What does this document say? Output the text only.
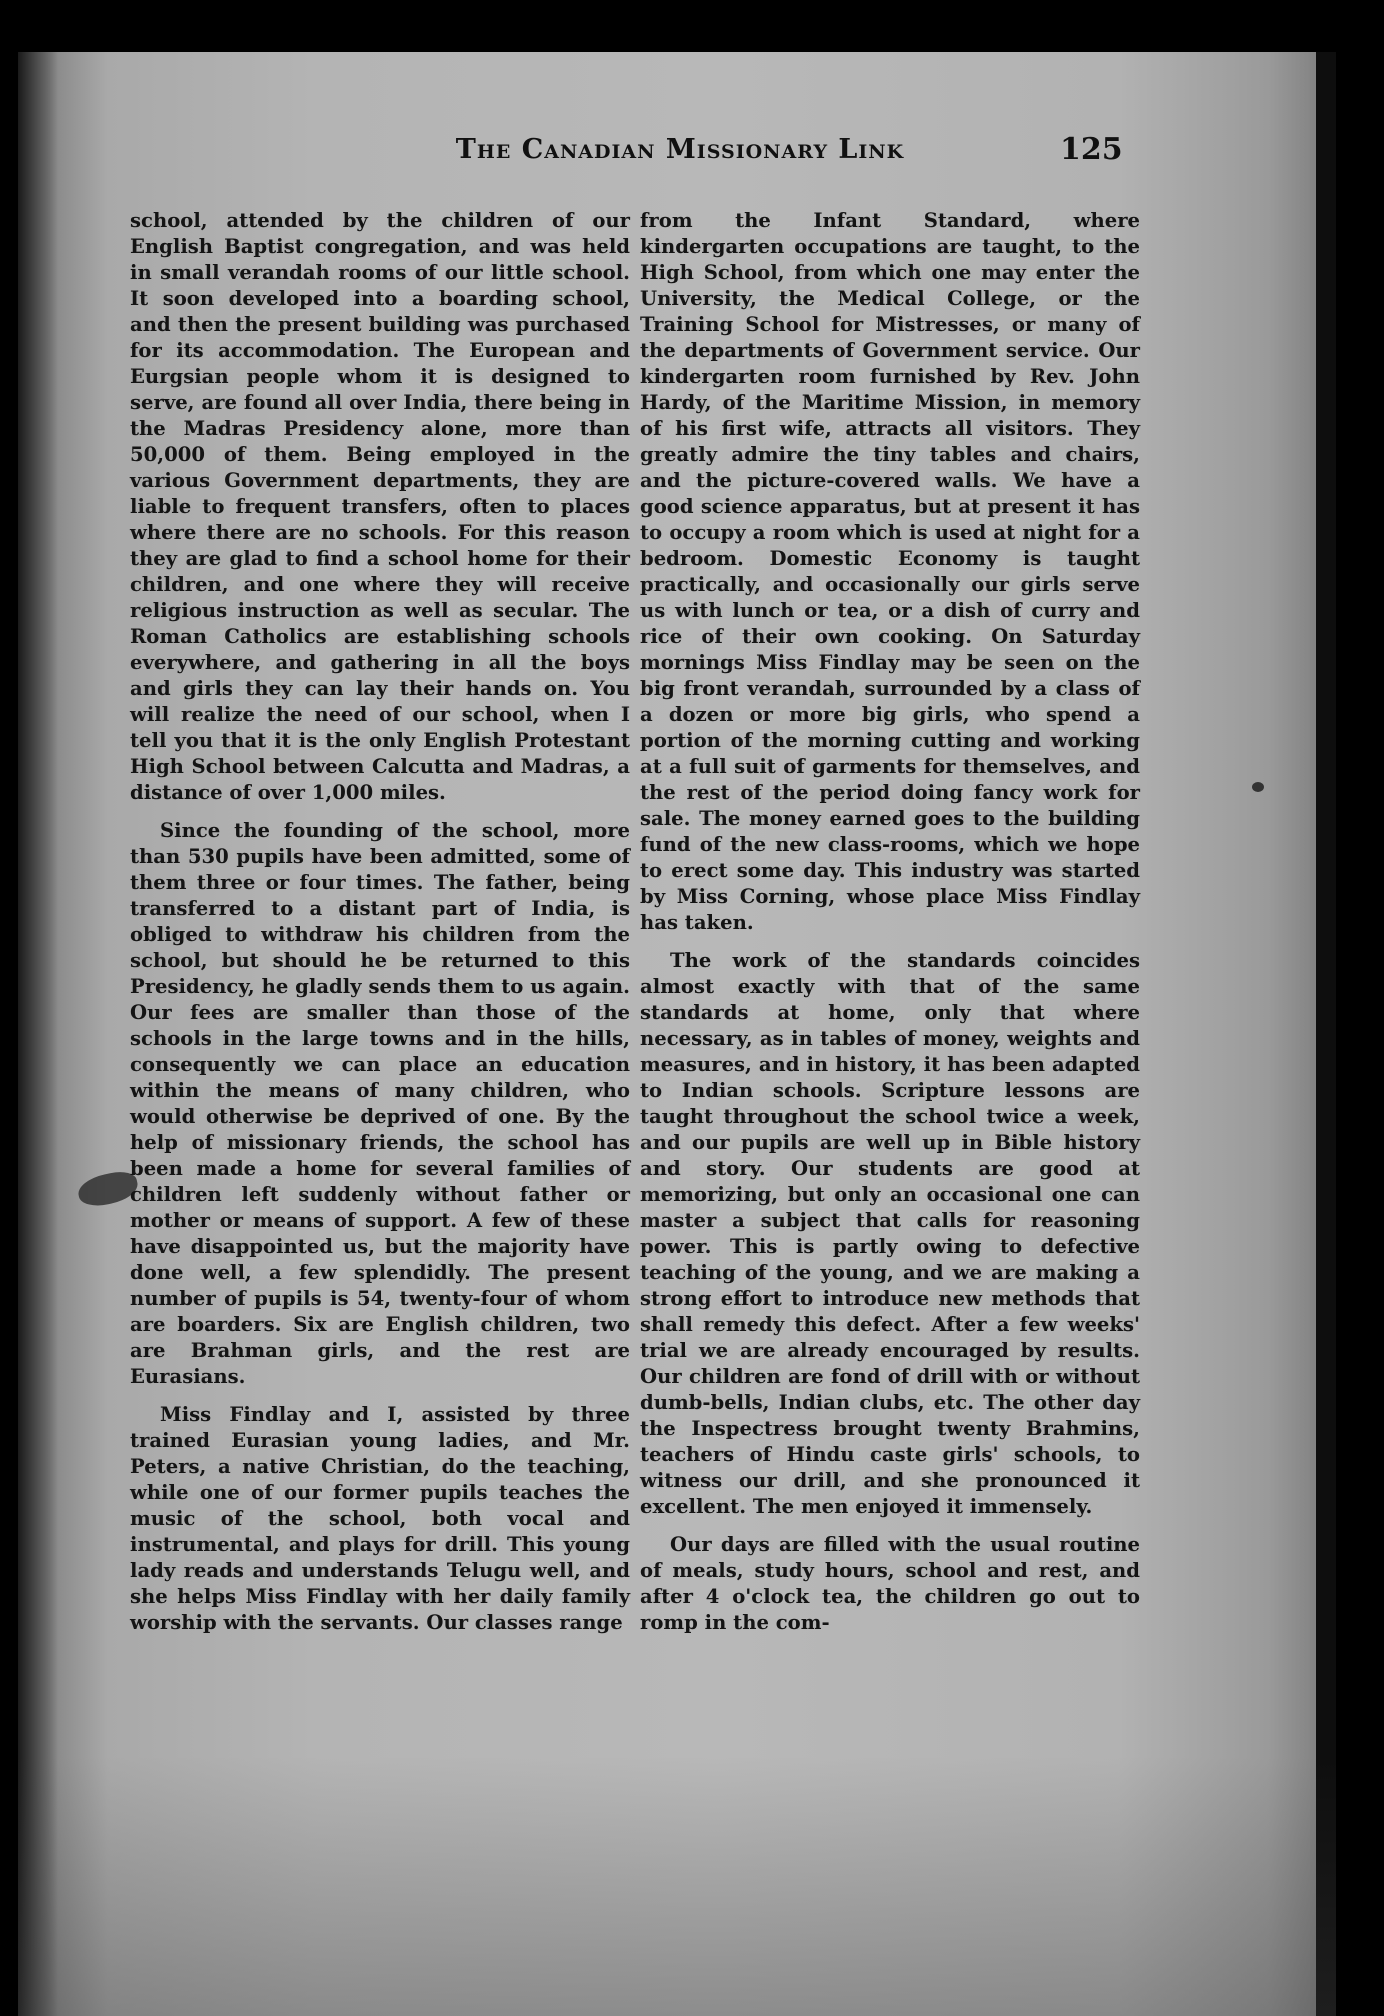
The Canadian Missionary Link	125

school, attended by the children of our English Baptist congregation, and was held in small verandah rooms of our little school. It soon developed into a boarding school, and then the present building was purchased for its accommodation. The European and Eurgsian people whom it is designed to serve, are found all over India, there being in the Madras Presidency alone, more than 50,000 of them. Being employed in the various Government departments, they are liable to frequent transfers, often to places where there are no schools. For this reason they are glad to find a school home for their children, and one where they will receive religious instruction as well as secular. The Roman Catholics are establishing schools everywhere, and gathering in all the boys and girls they can lay their hands on. You will realize the need of our school, when I tell you that it is the only English Protestant High School between Calcutta and Madras, a distance of over 1,000 miles.

Since the founding of the school, more than 530 pupils have been admitted, some of them three or four times. The father, being transferred to a distant part of India, is obliged to withdraw his children from the school, but should he be returned to this Presidency, he gladly sends them to us again. Our fees are smaller than those of the schools in the large towns and in the hills, consequently we can place an education within the means of many children, who would otherwise be deprived of one. By the help of missionary friends, the school has been made a home for several families of children left suddenly without father or mother or means of support. A few of these have disappointed us, but the majority have done well, a few splendidly. The present number of pupils is 54, twenty-four of whom are boarders. Six are English children, two are Brahman girls, and the rest are Eurasians.

Miss Findlay and I, assisted by three trained Eurasian young ladies, and Mr. Peters, a native Christian, do the teaching, while one of our former pupils teaches the music of the school, both vocal and instrumental, and plays for drill. This young lady reads and understands Telugu well, and she helps Miss Findlay with her daily family worship with the servants. Our classes range

from the Infant Standard, where kindergarten occupations are taught, to the High School, from which one may enter the University, the Medical College, or the Training School for Mistresses, or many of the departments of Government service. Our kindergarten room furnished by Rev. John Hardy, of the Maritime Mission, in memory of his first wife, attracts all visitors. They greatly admire the tiny tables and chairs, and the picture-covered walls. We have a good science apparatus, but at present it has to occupy a room which is used at night for a bedroom. Domestic Economy is taught practically, and occasionally our girls serve us with lunch or tea, or a dish of curry and rice of their own cooking. On Saturday mornings Miss Findlay may be seen on the big front verandah, surrounded by a class of a dozen or more big girls, who spend a portion of the morning cutting and working at a full suit of garments for themselves, and the rest of the period doing fancy work for sale. The money earned goes to the building fund of the new class-rooms, which we hope to erect some day. This industry was started by Miss Corning, whose place Miss Findlay has taken.

The work of the standards coincides almost exactly with that of the same standards at home, only that where necessary, as in tables of money, weights and measures, and in history, it has been adapted to Indian schools. Scripture lessons are taught throughout the school twice a week, and our pupils are well up in Bible history and story. Our students are good at memorizing, but only an occasional one can master a subject that calls for reasoning power. This is partly owing to defective teaching of the young, and we are making a strong effort to introduce new methods that shall remedy this defect. After a few weeks' trial we are already encouraged by results. Our children are fond of drill with or without dumb-bells, Indian clubs, etc. The other day the Inspectress brought twenty Brahmins, teachers of Hindu caste girls' schools, to witness our drill, and she pronounced it excellent. The men enjoyed it immensely.

Our days are filled with the usual routine of meals, study hours, school and rest, and after 4 o'clock tea, the children go out to romp in the com-
